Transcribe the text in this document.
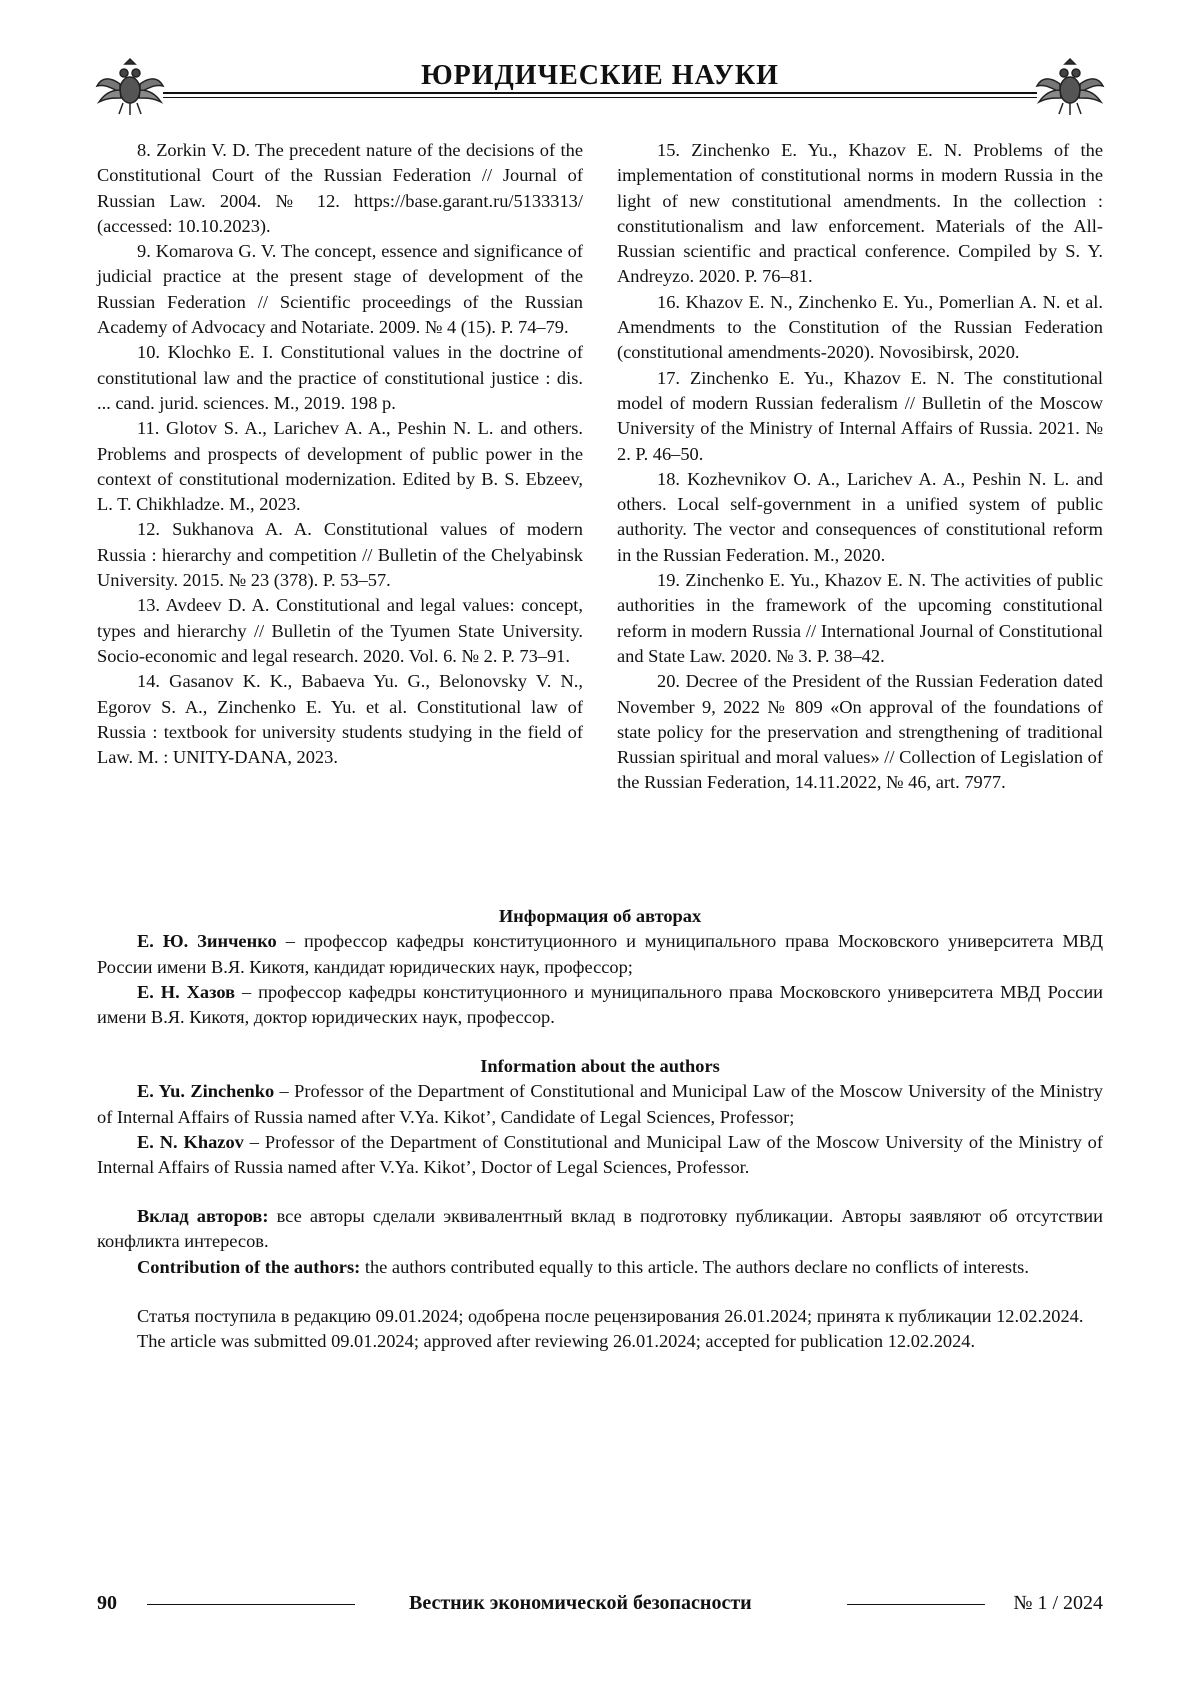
ЮРИДИЧЕСКИЕ НАУКИ

8. Zorkin V. D. The precedent nature of the decisions of the Constitutional Court of the Russian Federation // Journal of Russian Law. 2004. № 12. https://base.garant.ru/5133313/ (accessed: 10.10.2023).

9. Komarova G. V. The concept, essence and significance of judicial practice at the present stage of development of the Russian Federation // Scientific proceedings of the Russian Academy of Advocacy and Notariate. 2009. № 4 (15). P. 74–79.

10. Klochko E. I. Constitutional values in the doctrine of constitutional law and the practice of constitutional justice : dis. ... cand. jurid. sciences. M., 2019. 198 p.

11. Glotov S. A., Larichev A. A., Peshin N. L. and others. Problems and prospects of development of public power in the context of constitutional modernization. Edited by B. S. Ebzeev, L. T. Chikhladze. M., 2023.

12. Sukhanova A. A. Constitutional values of modern Russia : hierarchy and competition // Bulletin of the Chelyabinsk University. 2015. № 23 (378). P. 53–57.

13. Avdeev D. A. Constitutional and legal values: concept, types and hierarchy // Bulletin of the Tyumen State University. Socio-economic and legal research. 2020. Vol. 6. № 2. P. 73–91.

14. Gasanov K. K., Babaeva Yu. G., Belonovsky V. N., Egorov S. A., Zinchenko E. Yu. et al. Constitutional law of Russia : textbook for university students studying in the field of Law. M. : UNITY-DANA, 2023.

15. Zinchenko E. Yu., Khazov E. N. Problems of the implementation of constitutional norms in modern Russia in the light of new constitutional amendments. In the collection : constitutionalism and law enforcement. Materials of the All-Russian scientific and practical conference. Compiled by S. Y. Andreyzo. 2020. P. 76–81.

16. Khazov E. N., Zinchenko E. Yu., Pomerlian A. N. et al. Amendments to the Constitution of the Russian Federation (constitutional amendments-2020). Novosibirsk, 2020.

17. Zinchenko E. Yu., Khazov E. N. The constitutional model of modern Russian federalism // Bulletin of the Moscow University of the Ministry of Internal Affairs of Russia. 2021. № 2. P. 46–50.

18. Kozhevnikov O. A., Larichev A. A., Peshin N. L. and others. Local self-government in a unified system of public authority. The vector and consequences of constitutional reform in the Russian Federation. M., 2020.

19. Zinchenko E. Yu., Khazov E. N. The activities of public authorities in the framework of the upcoming constitutional reform in modern Russia // International Journal of Constitutional and State Law. 2020. № 3. P. 38–42.

20. Decree of the President of the Russian Federation dated November 9, 2022 № 809 «On approval of the foundations of state policy for the preservation and strengthening of traditional Russian spiritual and moral values» // Collection of Legislation of the Russian Federation, 14.11.2022, № 46, art. 7977.

Информация об авторах

Е. Ю. Зинченко – профессор кафедры конституционного и муниципального права Московского университета МВД России имени В.Я. Кикотя, кандидат юридических наук, профессор;

Е. Н. Хазов – профессор кафедры конституционного и муниципального права Московского университета МВД России имени В.Я. Кикотя, доктор юридических наук, профессор.

Information about the authors

E. Yu. Zinchenko – Professor of the Department of Constitutional and Municipal Law of the Moscow University of the Ministry of Internal Affairs of Russia named after V.Ya. Kikot’, Candidate of Legal Sciences, Professor;

E. N. Khazov – Professor of the Department of Constitutional and Municipal Law of the Moscow University of the Ministry of Internal Affairs of Russia named after V.Ya. Kikot’, Doctor of Legal Sciences, Professor.

Вклад авторов: все авторы сделали эквивалентный вклад в подготовку публикации. Авторы заявляют об отсутствии конфликта интересов.

Contribution of the authors: the authors contributed equally to this article. The authors declare no conflicts of interests.

Статья поступила в редакцию 09.01.2024; одобрена после рецензирования 26.01.2024; принята к публикации 12.02.2024.

The article was submitted 09.01.2024; approved after reviewing 26.01.2024; accepted for publication 12.02.2024.

90	Вестник экономической безопасности	№ 1 / 2024
